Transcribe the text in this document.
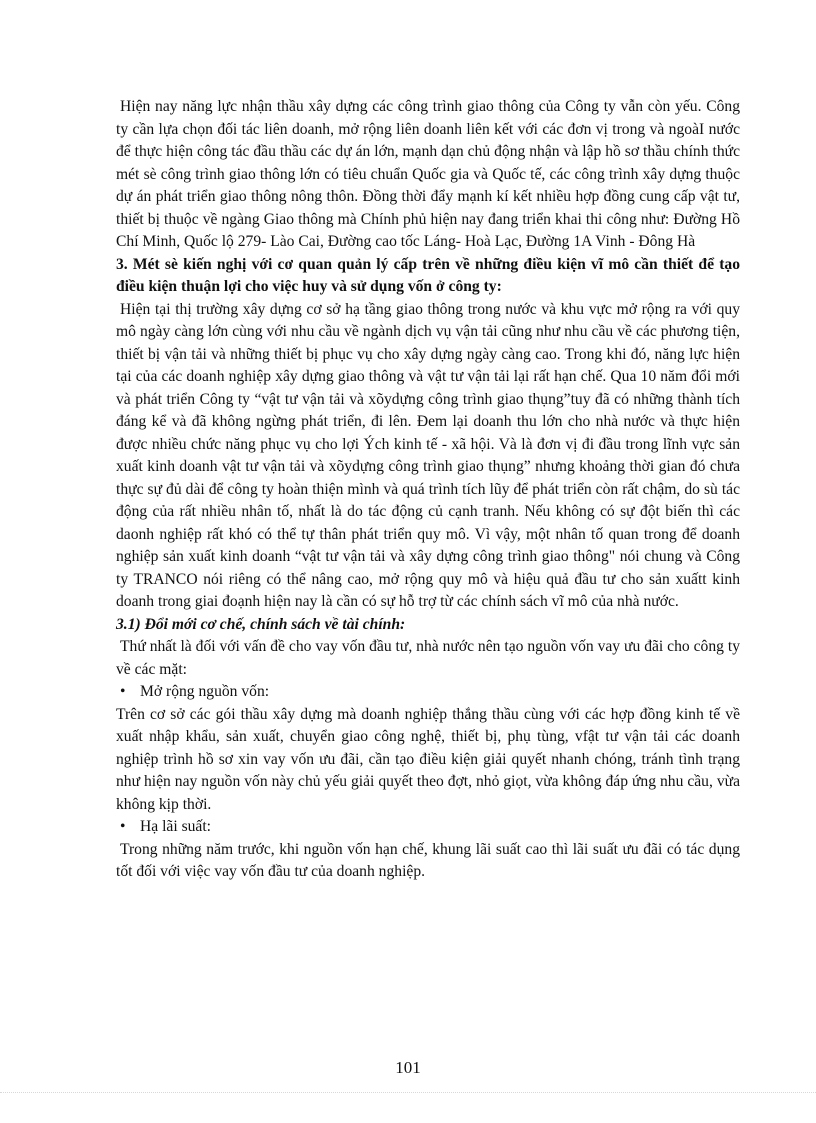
Hiện nay năng lực nhận thầu xây dựng các công trình giao thông của Công ty vẫn còn yếu. Công ty cần lựa chọn đối tác liên doanh, mở rộng liên doanh liên kết với các đơn vị trong và ngoàI nước để thực hiện công tác đầu thầu các dự án lớn, mạnh dạn chủ động nhận và lập hồ sơ thầu chính thức mét sè công trình giao thông lớn có tiêu chuẩn Quốc gia và Quốc tế, các công trình xây dựng thuộc dự án phát triển giao thông nông thôn. Đồng thời đẩy mạnh kí kết nhiều hợp đồng cung cấp vật tư, thiết bị thuộc về ngàng Giao thông mà Chính phủ hiện nay đang triển khai thi công như: Đường Hồ Chí Minh, Quốc lộ 279- Lào Cai, Đường cao tốc Láng- Hoà Lạc, Đường 1A Vinh - Đông Hà

3. Mét sè kiến nghị với cơ quan quản lý cấp trên về những điều kiện vĩ mô cần thiết để tạo điều kiện thuận lợi cho việc huy và sử dụng vốn ở công ty:

Hiện tại thị trường xây dựng cơ sở hạ tầng giao thông trong nước và khu vực mở rộng ra với quy mô ngày càng lớn cùng với nhu cầu về ngành dịch vụ vận tải cũng như nhu cầu về các phương tiện, thiết bị vận tải và những thiết bị phục vụ cho xây dựng ngày càng cao. Trong khi đó, năng lực hiện tại của các doanh nghiệp xây dựng giao thông và vật tư vận tải lại rất hạn chế. Qua 10 năm đổi mới và phát triển Công ty “vật tư vận tải và xõydựng công trình giao thụng”tuy đã có những thành tích đáng kể và đã không ngừng phát triển, đi lên. Đem lại doanh thu lớn cho nhà nước và thực hiện được nhiều chức năng phục vụ cho lợi Ých kinh tế - xã hội. Và là đơn vị đi đầu trong lĩnh vực sản xuất kinh doanh vật tư vận tải và xõydựng công trình giao thụng” nhưng khoảng thời gian đó chưa thực sự đủ dài để công ty hoàn thiện mình và quá trình tích lũy để phát triển còn rất chậm, do sù tác động của rất nhiều nhân tố, nhất là do tác động củ cạnh tranh. Nếu không có sự đột biến thì các daonh nghiệp rất khó có thể tự thân phát triển quy mô. Vì vậy, một nhân tố quan trong để doanh nghiệp sản xuất kinh doanh “vật tư vận tải và xây dựng công trình giao thông" nói chung và Công ty TRANCO nói riêng có thể nâng cao, mở rộng quy mô và hiệu quả đầu tư cho sản xuấtt kinh doanh trong giai đoạnh hiện nay là cần có sự hỗ trợ từ các chính sách vĩ mô của nhà nước.

3.1) Đổi mới cơ chế, chính sách về tài chính:

Thứ nhất là đối với vấn đề cho vay vốn đầu tư, nhà nước nên tạo nguồn vốn vay ưu đãi cho công ty về các mặt:

• Mở rộng nguồn vốn:

Trên cơ sở các gói thầu xây dựng mà doanh nghiệp thắng thầu cùng với các hợp đồng kinh tế về xuất nhập khẩu, sản xuất, chuyển giao công nghệ, thiết bị, phụ tùng, vfật tư vận tải các doanh nghiệp trình hồ sơ xin vay vốn ưu đãi, cần tạo điều kiện giải quyết nhanh chóng, tránh tình trạng như hiện nay nguồn vốn này chủ yếu giải quyết theo đợt, nhỏ giọt, vừa không đáp ứng nhu cầu, vừa không kịp thời.

• Hạ lãi suất:

Trong những năm trước, khi nguồn vốn hạn chế, khung lãi suất cao thì lãi suất ưu đãi có tác dụng tốt đối với việc vay vốn đầu tư của doanh nghiệp.

101
